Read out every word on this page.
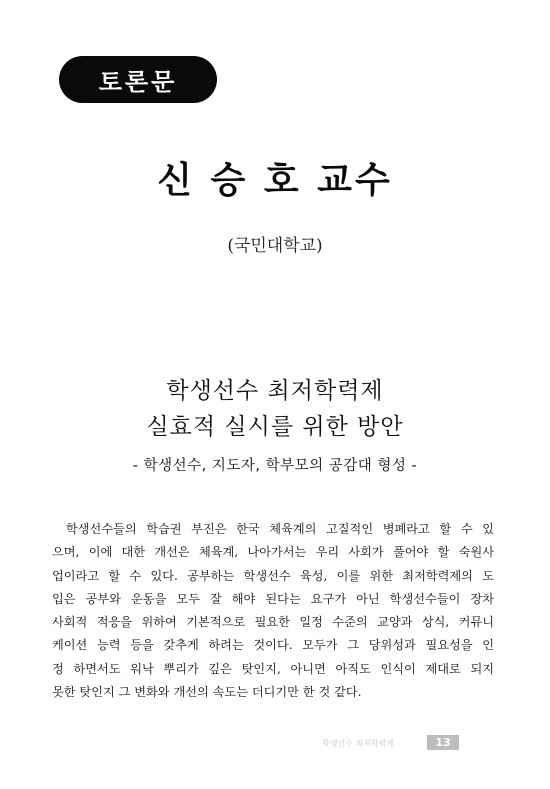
토론문
신 승 호 교수
(국민대학교)
학생선수 최저학력제
실효적 실시를 위한 방안
- 학생선수, 지도자, 학부모의 공감대 형성 -
학생선수들의 학습권 부진은 한국 체육계의 고질적인 병폐라고 할 수 있
으며, 이에 대한 개선은 체육계, 나아가서는 우리 사회가 풀어야 할 숙원사
업이라고 할 수 있다. 공부하는 학생선수 육성, 이를 위한 최저학력제의 도
입은 공부와 운동을 모두 잘 해야 된다는 요구가 아닌 학생선수들이 장차
사회적 적응을 위하여 기본적으로 필요한 일정 수준의 교양과 상식, 커뮤니
케이션 능력 등을 갖추게 하려는 것이다. 모두가 그 당위성과 필요성을 인
정 하면서도 워낙 뿌리가 깊은 탓인지, 아니면 아직도 인식이 제대로 되지
못한 탓인지 그 변화와 개선의 속도는 더디기만 한 것 같다.
학생선수 최저학력제	13
